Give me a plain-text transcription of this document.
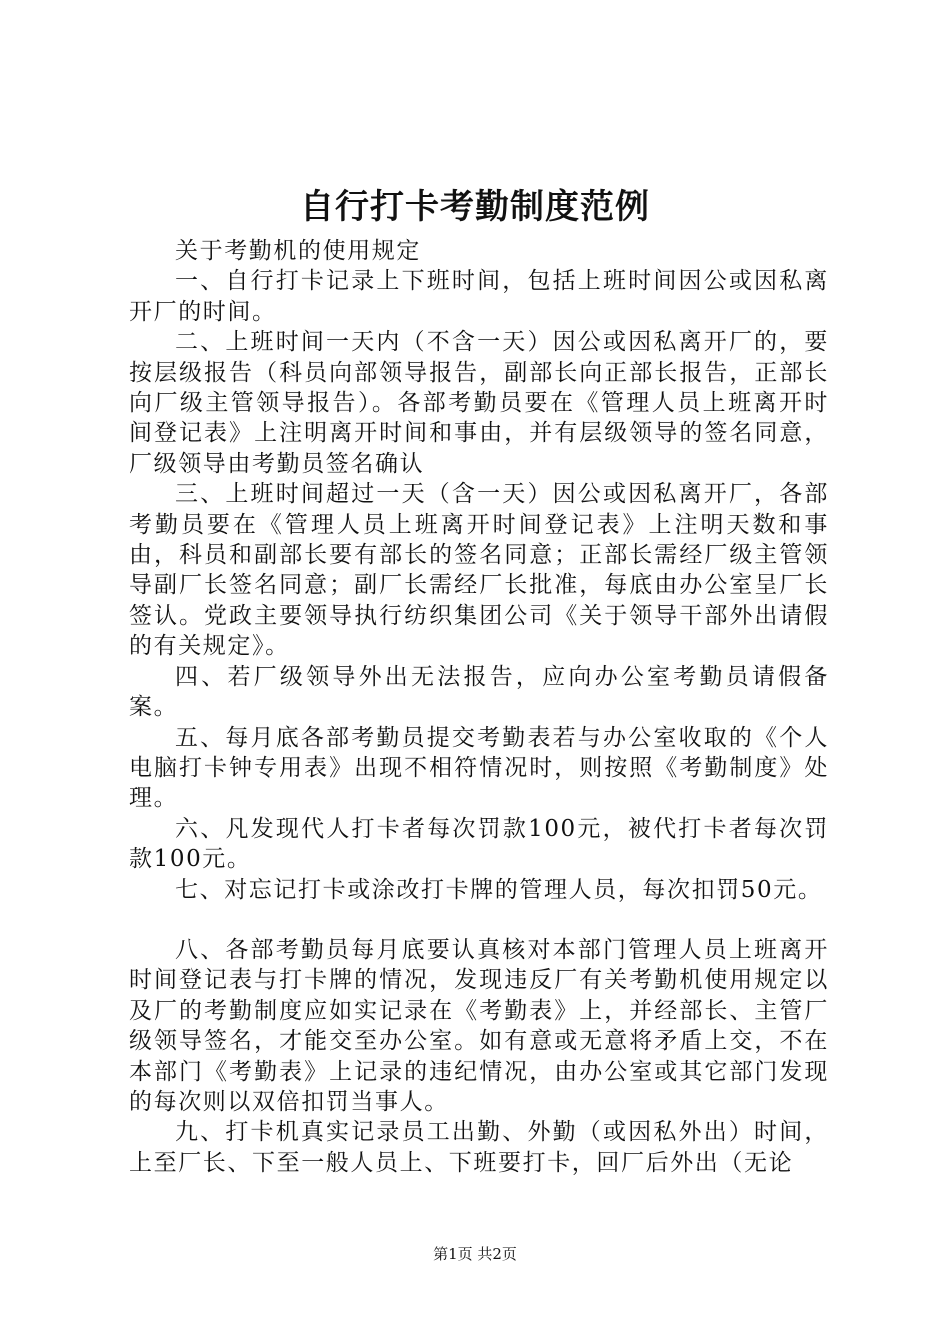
自行打卡考勤制度范例

关于考勤机的使用规定

一、自行打卡记录上下班时间，包括上班时间因公或因私离开厂的时间。

二、上班时间一天内（不含一天）因公或因私离开厂的，要按层级报告（科员向部领导报告，副部长向正部长报告，正部长向厂级主管领导报告）。各部考勤员要在《管理人员上班离开时间登记表》上注明离开时间和事由，并有层级领导的签名同意，厂级领导由考勤员签名确认

三、上班时间超过一天（含一天）因公或因私离开厂，各部考勤员要在《管理人员上班离开时间登记表》上注明天数和事由，科员和副部长要有部长的签名同意；正部长需经厂级主管领导副厂长签名同意；副厂长需经厂长批准，每底由办公室呈厂长签认。党政主要领导执行纺织集团公司《关于领导干部外出请假的有关规定》。

四、若厂级领导外出无法报告，应向办公室考勤员请假备案。

五、每月底各部考勤员提交考勤表若与办公室收取的《个人电脑打卡钟专用表》出现不相符情况时，则按照《考勤制度》处理。

六、凡发现代人打卡者每次罚款100元，被代打卡者每次罚款100元。

七、对忘记打卡或涂改打卡牌的管理人员，每次扣罚50元。

八、各部考勤员每月底要认真核对本部门管理人员上班离开时间登记表与打卡牌的情况，发现违反厂有关考勤机使用规定以及厂的考勤制度应如实记录在《考勤表》上，并经部长、主管厂级领导签名，才能交至办公室。如有意或无意将矛盾上交，不在本部门《考勤表》上记录的违纪情况，由办公室或其它部门发现的每次则以双倍扣罚当事人。

九、打卡机真实记录员工出勤、外勤（或因私外出）时间，上至厂长、下至一般人员上、下班要打卡，回厂后外出（无论

第1页 共2页
